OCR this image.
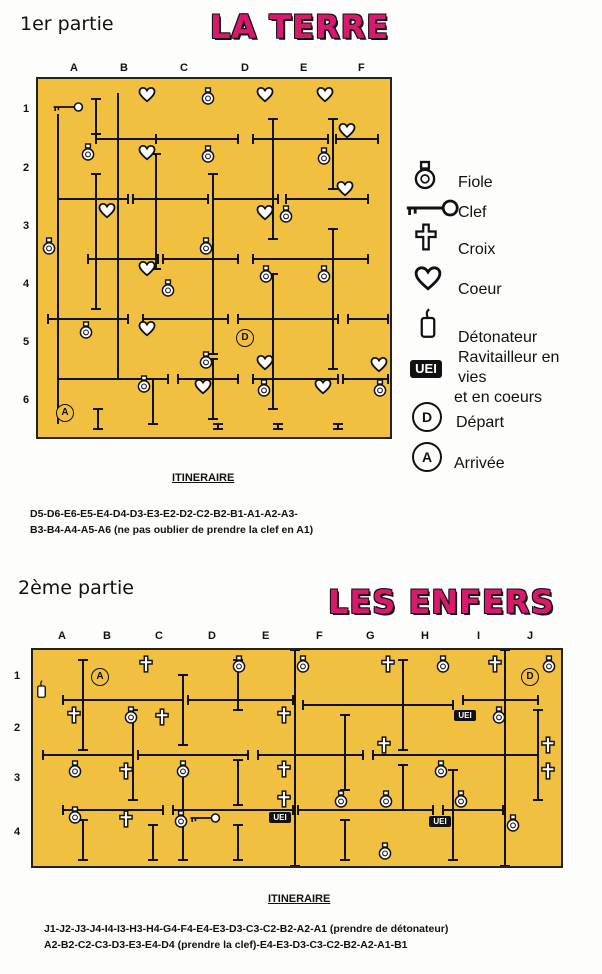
1er partie	LA TERRE
A	B	C	D	E	F
1
2
3
4
5
6
D
A
Fiole
Clef
Croix
Coeur
Détonateur
UEI
Ravitailleur en
vies
et en coeurs
D Départ
A Arrivée
ITINERAIRE
D5-D6-E6-E5-E4-D4-D3-E3-E2-D2-C2-B2-B1-A1-A2-A3-
B3-B4-A4-A5-A6 (ne pas oublier de prendre la clef en A1)
2ème partie	LES ENFERS
A	B	C	D	E	F	G	H	I	J
1
2
3
4
UEI
UEI	UEI
A	D
ITINERAIRE
J1-J2-J3-J4-I4-I3-H3-H4-G4-F4-E4-E3-D3-C3-C2-B2-A2-A1 (prendre de détonateur)
A2-B2-C2-C3-D3-E3-E4-D4 (prendre la clef)-E4-E3-D3-C3-C2-B2-A2-A1-B1
